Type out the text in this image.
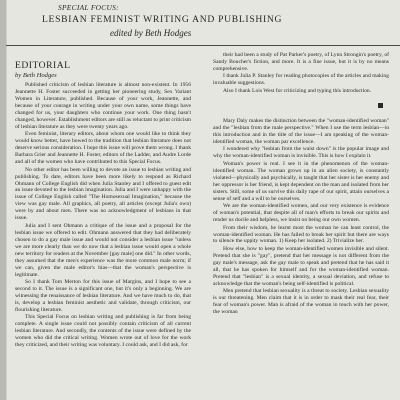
SPECIAL FOCUS:
LESBIAN FEMINIST WRITING AND PUBLISHING
edited by Beth Hodges
EDITORIAL
by Beth Hodges

Published criticism of lesbian literature is almost non-existent. In 1956 Jeannette H. Foster succeeded in getting her pioneering study, Sex Variant Women in Literature, published. Because of your work, Jeannette, and because of your courage in writing under your own name, some things have changed for us, your daughters who continue your work. One thing hasn't changed, however. Establishment editors are still as reluctant to print criticism of lesbian literature as they were twenty years ago.

Even feminist, literary editors, about whom one would like to think they would know better, have bowed to the tradition that lesbian literature does not deserve serious consideration. I hope this issue will prove them wrong. I thank Barbara Grier and Jeannette H. Foster, editors of the Ladder, and Audre Lorde and all of the women who have contributed to this Special Focus.

No other editor has been willing to devote an issue to lesbian writing and publishing. To date, editors have been more likely to respond as Richard Ohmann of College English did when Julia Stanley and I offered to guest edit an issue devoted to the lesbian imagination. Julia and I were unhappy with the issue of College English called "The Homosexual Imagination," because the view was gay male. All graphics, all poetry, all articles (except Julia's own) were by and about men. There was no acknowledgment of lesbians in that issue.

Julia and I sent Ohmann a critique of the issue and a proposal for the lesbian issue we offered to edit. Ohmann answered that they had deliberately chosen to do a gay male issue and would not consider a lesbian issue "unless we are more clearly than we do now that a lesbian issue would open a whole new territory for readers at the November [gay male] one did." In other words, they assumed that the men's experience was the more common male norm; if we can, given the male editor's bias—that the woman's perspective is legitimate.

So I thank Tom Merton for this issue of Margins, and I hope to see a second to it. The issue is a significant one, but it's only a beginning. We are witnessing the renaissance of lesbian literature. And we have much to do, that is, develop a lesbian feminist aesthetic and validate, through criticism, our flourishing literature.

This Special Focus on lesbian writing and publishing is far from being complete. A single issue could not possibly contain criticism of all current lesbian literature. And secondly, the contents of the issue were defined by the women who did the critical writing. Women wrote out of love for the work they criticized, and their writing was voluntary. I could ask, and I did ask, for

their had been a study of Pat Parker's poetry, of Lynn Strongin's poetry, of Sandy Boucher's fiction, and more. It is a fine issue, but it is by no means comprehensive.

I thank Julia P. Stanley for reading photocopies of the articles and making invaluable suggestions.

Also I thank Lois West for criticizing and typing this introduction.

Mary Daly makes the distinction between the "woman-identified woman" and the "lesbian from the male perspective." When I use the term lesbian—in this introduction and in the title of the issue—I am speaking of the woman-identified woman, the woman par excellence.

I wondered why "lesbian from the waist down" is the popular image and why the woman-identified woman is invisible. This is how I explain it.

Woman's power is real. I see it in the phenomenon of the woman-identified woman. The woman grows up in an alien society, is constantly violated—physically and psychically, is taught that her sister is her enemy and her oppressor is her friend, is kept dependent on the man and isolated from her sisters. Still, some of us survive this daily rape of our spirit, attain ourselves a sense of self and a will to be ourselves.

We are the woman-identified women, and our very existence is evidence of woman's potential, that despite all of man's efforts to break our spirits and render us docile and helpless, we insist on being our own women.

From their wisdom, he learnt most the woman he can least control, the woman-identified woman. He has failed to break her spirit but there are ways to silence the uppity woman. 1) Keep her isolated. 2) Trivialize her.

How else, how to keep the woman-identified women invisible and silent. Pretend that she is "gay", pretend that her message is not different from the gay male's message, ask the gay male to speak and pretend that he has said it all, that he has spoken for himself and for the woman-identified woman. Pretend that "lesbian" is a sexual identity, a sexual deviation, and refuse to acknowledge that the woman's being self-identified is political.

Men pretend that lesbian sexuality is a threat to society. Lesbian sexuality is our threatening. Men claim that it is in order to mask their real fear, their fear of woman's power. Man is afraid of the woman in touch with her power, the woman
